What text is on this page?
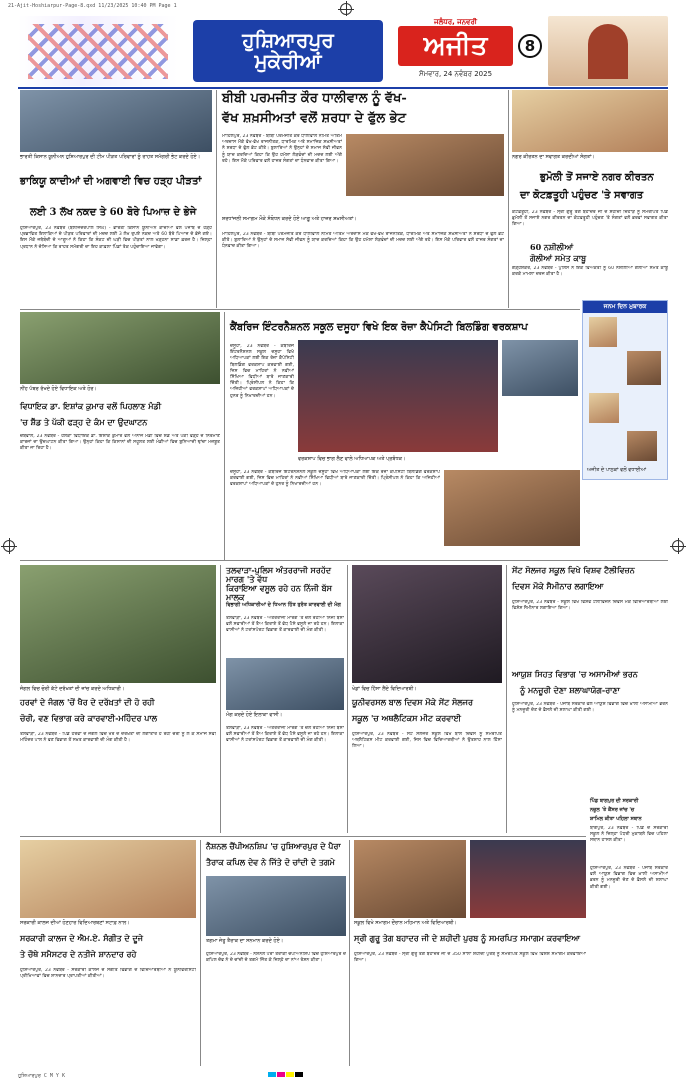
21-Ajit-Hoshiarpur-Page-8.qxd 11/23/2025 10:40 PM Page 1
ਹੁਸ਼ਿਆਰਪੁਰ
ਮੁਕੇਰੀਆਂ
ਜਲੰਧਰ, ਜਨਵਰੀ
ਅਜੀਤ
ਸੋਮਵਾਰ, 24 ਨਵੰਬਰ 2025
8
ਭਾਰਤੀ ਕਿਸਾਨ ਯੂਨੀਅਨ ਹੁਸ਼ਿਆਰਪੁਰ ਦੀ ਟੀਮ ਪੀੜਤ ਪਰਿਵਾਰਾਂ ਨੂੰ ਰਾਹਤ ਸਮੱਗਰੀ ਭੇਟ ਕਰਦੇ ਹੋਏ।
ਭਾਕਿਯੂ ਕਾਦੀਆਂ ਦੀ ਅਗਵਾਈ ਵਿਚ ਹੜ੍ਹ ਪੀੜਤਾਂ
ਲਈ 3 ਲੱਖ ਨਕਦ ਤੇ 60 ਬੋਰੇ ਪਿਆਜ਼ ਦੇ ਭੇਜੇ
ਹੁਸ਼ਿਆਰਪੁਰ, 23 ਨਵੰਬਰ (ਬਲਜਿੰਦਰਪਾਲ ਸਿੰਘ) - ਭਾਰਤੀ ਕਿਸਾਨ ਯੂਨੀਅਨ ਕਾਦੀਆਂ ਵਲੋਂ ਪੰਜਾਬ ਦੇ ਹੜ੍ਹ ਪ੍ਰਭਾਵਿਤ ਇਲਾਕਿਆਂ ਦੇ ਪੀੜਤ ਪਰਿਵਾਰਾਂ ਦੀ ਮਦਦ ਲਈ 3 ਲੱਖ ਰੁਪਏ ਨਕਦ ਅਤੇ 60 ਬੋਰੇ ਪਿਆਜ਼ ਦੇ ਭੇਜੇ ਗਏ। ਇਸ ਮੌਕੇ ਜਥੇਬੰਦੀ ਦੇ ਆਗੂਆਂ ਨੇ ਕਿਹਾ ਕਿ ਸੰਕਟ ਦੀ ਘੜੀ ਵਿਚ ਪੀੜਤਾਂ ਨਾਲ ਖੜ੍ਹਨਾ ਸਾਡਾ ਫ਼ਰਜ਼ ਹੈ। ਜ਼ਿਲ੍ਹਾ ਪ੍ਰਧਾਨ ਨੇ ਦੱਸਿਆ ਕਿ ਰਾਹਤ ਸਮੱਗਰੀ ਦਾ ਇਹ ਕਾਫ਼ਲਾ ਪਿੰਡਾਂ ਤੱਕ ਪਹੁੰਚਾਇਆ ਜਾਵੇਗਾ।
ਬੀਬੀ ਪਰਮਜੀਤ ਕੌਰ ਧਾਲੀਵਾਲ ਨੂੰ ਵੱਖ-
ਵੱਖ ਸ਼ਖ਼ਸੀਅਤਾਂ ਵਲੋਂ ਸ਼ਰਧਾ ਦੇ ਫੁੱਲ ਭੇਟ
ਮਾਹਿਲਪੁਰ, 23 ਨਵੰਬਰ - ਬੀਬੀ ਪਰਮਜੀਤ ਕੌਰ ਧਾਲੀਵਾਲ ਨਮਿੱਤ ਅੰਤਿਮ ਅਰਦਾਸ ਮੌਕੇ ਵੱਖ-ਵੱਖ ਰਾਜਨੀਤਕ, ਧਾਰਮਿਕ ਅਤੇ ਸਮਾਜਿਕ ਸ਼ਖ਼ਸੀਅਤਾਂ ਨੇ ਸ਼ਰਧਾ ਦੇ ਫੁੱਲ ਭੇਟ ਕੀਤੇ। ਬੁਲਾਰਿਆਂ ਨੇ ਉਨ੍ਹਾਂ ਦੇ ਸਮਾਜ ਸੇਵੀ ਜੀਵਨ ਨੂੰ ਯਾਦ ਕਰਦਿਆਂ ਕਿਹਾ ਕਿ ਉਹ ਹਮੇਸ਼ਾ ਲੋੜਵੰਦਾਂ ਦੀ ਮਦਦ ਲਈ ਅੱਗੇ ਰਹੇ। ਇਸ ਮੌਕੇ ਪਰਿਵਾਰ ਵਲੋਂ ਹਾਜ਼ਰ ਸੰਗਤਾਂ ਦਾ ਧੰਨਵਾਦ ਕੀਤਾ ਗਿਆ।
ਸ਼ਰਧਾਂਜਲੀ ਸਮਾਗਮ ਮੌਕੇ ਸੰਬੋਧਨ ਕਰਦੇ ਹੋਏ ਆਗੂ ਅਤੇ ਹਾਜ਼ਰ ਸ਼ਖ਼ਸੀਅਤਾਂ।
ਮਾਹਿਲਪੁਰ, 23 ਨਵੰਬਰ - ਬੀਬੀ ਪਰਮਜੀਤ ਕੌਰ ਧਾਲੀਵਾਲ ਨਮਿੱਤ ਅੰਤਿਮ ਅਰਦਾਸ ਮੌਕੇ ਵੱਖ-ਵੱਖ ਰਾਜਨੀਤਕ, ਧਾਰਮਿਕ ਅਤੇ ਸਮਾਜਿਕ ਸ਼ਖ਼ਸੀਅਤਾਂ ਨੇ ਸ਼ਰਧਾ ਦੇ ਫੁੱਲ ਭੇਟ ਕੀਤੇ। ਬੁਲਾਰਿਆਂ ਨੇ ਉਨ੍ਹਾਂ ਦੇ ਸਮਾਜ ਸੇਵੀ ਜੀਵਨ ਨੂੰ ਯਾਦ ਕਰਦਿਆਂ ਕਿਹਾ ਕਿ ਉਹ ਹਮੇਸ਼ਾ ਲੋੜਵੰਦਾਂ ਦੀ ਮਦਦ ਲਈ ਅੱਗੇ ਰਹੇ। ਇਸ ਮੌਕੇ ਪਰਿਵਾਰ ਵਲੋਂ ਹਾਜ਼ਰ ਸੰਗਤਾਂ ਦਾ ਧੰਨਵਾਦ ਕੀਤਾ ਗਿਆ।
ਨਗਰ ਕੀਰਤਨ ਦਾ ਸਵਾਗਤ ਕਰਦੀਆਂ ਸੰਗਤਾਂ।
ਭੁਮੋਲੀ ਤੋਂ ਸਜਾਏ ਨਗਰ ਕੀਰਤਨ
ਦਾ ਕੋਟਫ਼ਤੂਹੀ ਪਹੁੰਚਣ 'ਤੇ ਸਵਾਗਤ
ਕੋਟਫ਼ਤੂਹੀ, 23 ਨਵੰਬਰ - ਸ੍ਰੀ ਗੁਰੂ ਤੇਗ ਬਹਾਦਰ ਜੀ ਦੇ ਸ਼ਹੀਦੀ ਦਿਹਾੜੇ ਨੂੰ ਸਮਰਪਿਤ ਪਿੰਡ ਭੁਮੋਲੀ ਤੋਂ ਸਜਾਏ ਨਗਰ ਕੀਰਤਨ ਦਾ ਕੋਟਫ਼ਤੂਹੀ ਪਹੁੰਚਣ 'ਤੇ ਸੰਗਤਾਂ ਵਲੋਂ ਭਰਵਾਂ ਸਵਾਗਤ ਕੀਤਾ ਗਿਆ।
60 ਨਸ਼ੀਲੀਆਂ
ਗੋਲੀਆਂ ਸਮੇਤ ਕਾਬੂ
ਗੜ੍ਹਸ਼ੰਕਰ, 23 ਨਵੰਬਰ - ਪੁਲਿਸ ਨੇ ਇਕ ਵਿਅਕਤੀ ਨੂੰ 60 ਨਸ਼ੀਲੀਆਂ ਗੋਲੀਆਂ ਸਮੇਤ ਕਾਬੂ ਕਰਕੇ ਮਾਮਲਾ ਦਰਜ ਕੀਤਾ ਹੈ।
ਜਨਮ ਦਿਨ ਮੁਬਾਰਕ
ਅਜੀਤ ਦੇ ਪਾਠਕਾਂ ਵਲੋਂ ਵਧਾਈਆਂ
ਨੀਂਹ ਪੱਥਰ ਰੱਖਦੇ ਹੋਏ ਵਿਧਾਇਕ ਅਤੇ ਹੋਰ।
ਵਿਧਾਇਕ ਡਾ. ਇਸ਼ਾਂਕ ਕੁਮਾਰ ਵਲੋਂ ਪਿਹਲਾਣ ਮੰਡੀ
'ਚ ਸ਼ੈੱਡ ਤੇ ਪੱਕੀ ਫੜ੍ਹ ਦੇ ਕੰਮ ਦਾ ਉਦਘਾਟਨ
ਚੱਬੇਵਾਲ, 23 ਨਵੰਬਰ - ਹਲਕਾ ਵਿਧਾਇਕ ਡਾ. ਇਸ਼ਾਂਕ ਕੁਮਾਰ ਵਲੋਂ ਅਨਾਜ ਮੰਡੀ ਵਿਚ ਸ਼ੈੱਡ ਅਤੇ ਪੱਕੀ ਫੜ੍ਹ ਦੇ ਨਿਰਮਾਣ ਕਾਰਜਾਂ ਦਾ ਉਦਘਾਟਨ ਕੀਤਾ ਗਿਆ। ਉਨ੍ਹਾਂ ਕਿਹਾ ਕਿ ਕਿਸਾਨਾਂ ਦੀ ਸਹੂਲਤ ਲਈ ਮੰਡੀਆਂ ਵਿਚ ਬੁਨਿਆਦੀ ਢਾਂਚਾ ਮਜ਼ਬੂਤ ਕੀਤਾ ਜਾ ਰਿਹਾ ਹੈ।
ਕੈਂਬਰਿਜ ਇੰਟਰਨੈਸ਼ਨਲ ਸਕੂਲ ਦਸੂਹਾ ਵਿਖੇ ਇਕ ਰੋਜ਼ਾ ਕੈਪੇਸਿਟੀ ਬਿਲਡਿੰਗ ਵਰਕਸ਼ਾਪ
ਦਸੂਹਾ, 23 ਨਵੰਬਰ - ਕੈਂਬਰਿਜ ਇੰਟਰਨੈਸ਼ਨਲ ਸਕੂਲ ਦਸੂਹਾ ਵਿਖੇ ਅਧਿਆਪਕਾਂ ਲਈ ਇਕ ਰੋਜ਼ਾ ਕੈਪੇਸਿਟੀ ਬਿਲਡਿੰਗ ਵਰਕਸ਼ਾਪ ਕਰਵਾਈ ਗਈ, ਜਿਸ ਵਿਚ ਮਾਹਿਰਾਂ ਨੇ ਨਵੀਆਂ ਸਿੱਖਿਆ ਵਿਧੀਆਂ ਬਾਰੇ ਜਾਣਕਾਰੀ ਦਿੱਤੀ। ਪ੍ਰਿੰਸੀਪਲ ਨੇ ਕਿਹਾ ਕਿ ਅਜਿਹੀਆਂ ਵਰਕਸ਼ਾਪਾਂ ਅਧਿਆਪਕਾਂ ਦੇ ਹੁਨਰ ਨੂੰ ਨਿਖਾਰਦੀਆਂ ਹਨ।
ਵਰਕਸ਼ਾਪ ਵਿਚ ਭਾਗ ਲੈਣ ਵਾਲੇ ਅਧਿਆਪਕ ਅਤੇ ਪ੍ਰਬੰਧਕ।
ਦਸੂਹਾ, 23 ਨਵੰਬਰ - ਕੈਂਬਰਿਜ ਇੰਟਰਨੈਸ਼ਨਲ ਸਕੂਲ ਦਸੂਹਾ ਵਿਖੇ ਅਧਿਆਪਕਾਂ ਲਈ ਇਕ ਰੋਜ਼ਾ ਕੈਪੇਸਿਟੀ ਬਿਲਡਿੰਗ ਵਰਕਸ਼ਾਪ ਕਰਵਾਈ ਗਈ, ਜਿਸ ਵਿਚ ਮਾਹਿਰਾਂ ਨੇ ਨਵੀਆਂ ਸਿੱਖਿਆ ਵਿਧੀਆਂ ਬਾਰੇ ਜਾਣਕਾਰੀ ਦਿੱਤੀ। ਪ੍ਰਿੰਸੀਪਲ ਨੇ ਕਿਹਾ ਕਿ ਅਜਿਹੀਆਂ ਵਰਕਸ਼ਾਪਾਂ ਅਧਿਆਪਕਾਂ ਦੇ ਹੁਨਰ ਨੂੰ ਨਿਖਾਰਦੀਆਂ ਹਨ।
ਜੰਗਲ ਵਿਚ ਚੋਰੀ ਕੱਟੇ ਦਰੱਖ਼ਤਾਂ ਦੀ ਜਾਂਚ ਕਰਦੇ ਅਧਿਕਾਰੀ।
ਹਰਵਾਂ ਦੇ ਜੰਗਲ 'ਚੋਂ ਖੈਰ ਦੇ ਦਰੱਖ਼ਤਾਂ ਦੀ ਹੋ ਰਹੀ
ਚੋਰੀ, ਵਣ ਵਿਭਾਗ ਕਰੇ ਕਾਰਵਾਈ-ਮਹਿੰਦਰ ਪਾਲ
ਤਲਵਾੜਾ, 23 ਨਵੰਬਰ - ਪਿੰਡ ਹਰਵਾਂ ਦੇ ਜੰਗਲ ਵਿਚੋਂ ਖੈਰ ਦੇ ਦਰੱਖ਼ਤਾਂ ਦੀ ਲਗਾਤਾਰ ਹੋ ਰਹੀ ਚੋਰੀ ਨੂੰ ਲੈ ਕੇ ਸਮਾਜ ਸੇਵੀ ਮਹਿੰਦਰ ਪਾਲ ਨੇ ਵਣ ਵਿਭਾਗ ਤੋਂ ਸਖ਼ਤ ਕਾਰਵਾਈ ਦੀ ਮੰਗ ਕੀਤੀ ਹੈ।
ਤਲਵਾੜਾ-ਪੁਲਿਸ ਅੰਤਰਰਾਜੀ ਸਰਹੱਦ ਮਾਰਗ 'ਤੇ ਵੱਧ
ਕਿਰਾਇਆ ਵਸੂਲ ਰਹੇ ਹਨ ਨਿੱਜੀ ਬੱਸ ਮਾਲਕ
ਵਿਭਾਗੀ ਅਧਿਕਾਰੀਆਂ ਦੇ ਧਿਆਨ ਹਿੱਤ ਤੁਰੰਤ ਕਾਰਵਾਈ ਦੀ ਮੰਗ
ਤਲਵਾੜਾ, 23 ਨਵੰਬਰ - ਅੰਤਰਰਾਜੀ ਮਾਰਗ 'ਤੇ ਚੱਲ ਰਹੀਆਂ ਨਿੱਜੀ ਬੱਸਾਂ ਵਲੋਂ ਸਵਾਰੀਆਂ ਤੋਂ ਤੈਅ ਕਿਰਾਏ ਤੋਂ ਵੱਧ ਪੈਸੇ ਵਸੂਲੇ ਜਾ ਰਹੇ ਹਨ। ਇਲਾਕਾ ਵਾਸੀਆਂ ਨੇ ਟਰਾਂਸਪੋਰਟ ਵਿਭਾਗ ਤੋਂ ਕਾਰਵਾਈ ਦੀ ਮੰਗ ਕੀਤੀ।
ਮੰਗ ਕਰਦੇ ਹੋਏ ਇਲਾਕਾ ਵਾਸੀ।
ਤਲਵਾੜਾ, 23 ਨਵੰਬਰ - ਅੰਤਰਰਾਜੀ ਮਾਰਗ 'ਤੇ ਚੱਲ ਰਹੀਆਂ ਨਿੱਜੀ ਬੱਸਾਂ ਵਲੋਂ ਸਵਾਰੀਆਂ ਤੋਂ ਤੈਅ ਕਿਰਾਏ ਤੋਂ ਵੱਧ ਪੈਸੇ ਵਸੂਲੇ ਜਾ ਰਹੇ ਹਨ। ਇਲਾਕਾ ਵਾਸੀਆਂ ਨੇ ਟਰਾਂਸਪੋਰਟ ਵਿਭਾਗ ਤੋਂ ਕਾਰਵਾਈ ਦੀ ਮੰਗ ਕੀਤੀ।
ਖੇਡਾਂ ਵਿਚ ਹਿੱਸਾ ਲੈਂਦੇ ਵਿਦਿਆਰਥੀ।
ਯੂਨੀਵਰਸਲ ਬਾਲ ਦਿਵਸ ਮੌਕੇ ਸੇਂਟ ਸੋਲਜਰ
ਸਕੂਲ 'ਚ ਅਥਲੈਟਿਕਸ ਮੀਟ ਕਰਵਾਈ
ਹੁਸ਼ਿਆਰਪੁਰ, 23 ਨਵੰਬਰ - ਸੇਂਟ ਸੋਲਜਰ ਸਕੂਲ ਵਿਖੇ ਬਾਲ ਦਿਵਸ ਨੂੰ ਸਮਰਪਿਤ ਅਥਲੈਟਿਕਸ ਮੀਟ ਕਰਵਾਈ ਗਈ, ਜਿਸ ਵਿਚ ਵਿਦਿਆਰਥੀਆਂ ਨੇ ਉਤਸ਼ਾਹ ਨਾਲ ਹਿੱਸਾ ਲਿਆ।
ਸੇਂਟ ਸੋਲਜਰ ਸਕੂਲ ਵਿਖੇ ਵਿਸ਼ਵ ਟੈਲੀਵਿਜ਼ਨ
ਦਿਵਸ ਮੌਕੇ ਸੈਮੀਨਾਰ ਲਗਾਇਆ
ਹੁਸ਼ਿਆਰਪੁਰ, 23 ਨਵੰਬਰ - ਸਕੂਲ ਵਿਖੇ ਵਿਸ਼ਵ ਟੈਲੀਵਿਜ਼ਨ ਦਿਵਸ ਮੌਕੇ ਵਿਦਿਆਰਥੀਆਂ ਲਈ ਵਿਸ਼ੇਸ਼ ਸੈਮੀਨਾਰ ਲਗਾਇਆ ਗਿਆ।
ਆਯੁਸ਼ ਸਿਹਤ ਵਿਭਾਗ 'ਚ ਅਸਾਮੀਆਂ ਭਰਨ
ਨੂੰ ਮਨਜ਼ੂਰੀ ਦੇਣਾ ਸ਼ਲਾਘਾਯੋਗ-ਰਾਣਾ
ਹੁਸ਼ਿਆਰਪੁਰ, 23 ਨਵੰਬਰ - ਪੰਜਾਬ ਸਰਕਾਰ ਵਲੋਂ ਆਯੁਸ਼ ਵਿਭਾਗ ਵਿਚ ਖ਼ਾਲੀ ਅਸਾਮੀਆਂ ਭਰਨ ਨੂੰ ਮਨਜ਼ੂਰੀ ਦੇਣ ਦੇ ਫ਼ੈਸਲੇ ਦੀ ਸ਼ਲਾਘਾ ਕੀਤੀ ਗਈ।
ਪਿੰਡ ਬਾਗਪੁਰ ਦੀ ਸਰਕਾਰੀ
ਨਜ਼ੂਲ 'ਤੇ ਕੈਂਸਰ ਜਾਂਚ 'ਚ
ਸ਼ਾਮਿਲ ਕੀਤਾ ਪਹਿਲਾ ਸਥਾਨ
ਬਾਗਪੁਰ, 23 ਨਵੰਬਰ - ਪਿੰਡ ਦੇ ਸਰਕਾਰੀ ਸਕੂਲ ਨੇ ਜ਼ਿਲ੍ਹਾ ਪੱਧਰੀ ਮੁਕਾਬਲੇ ਵਿਚ ਪਹਿਲਾ ਸਥਾਨ ਹਾਸਲ ਕੀਤਾ।
ਸਰਕਾਰੀ ਕਾਲਜ ਦੀਆਂ ਹੋਣਹਾਰ ਵਿਦਿਆਰਥਣਾਂ ਸਟਾਫ਼ ਨਾਲ।
ਸਰਕਾਰੀ ਕਾਲਜ ਦੇ ਐਮ.ਏ. ਸੰਗੀਤ ਦੇ ਦੂਜੇ
ਤੇ ਚੌਥੇ ਸਮੈਸਟਰ ਦੇ ਨਤੀਜੇ ਸ਼ਾਨਦਾਰ ਰਹੇ
ਹੁਸ਼ਿਆਰਪੁਰ, 23 ਨਵੰਬਰ - ਸਰਕਾਰੀ ਕਾਲਜ ਦੇ ਸੰਗੀਤ ਵਿਭਾਗ ਦੇ ਵਿਦਿਆਰਥੀਆਂ ਨੇ ਯੂਨੀਵਰਸਿਟੀ ਪ੍ਰੀਖਿਆਵਾਂ ਵਿਚ ਸ਼ਾਨਦਾਰ ਪ੍ਰਾਪਤੀਆਂ ਕੀਤੀਆਂ।
ਨੈਸ਼ਨਲ ਚੈਂਪੀਅਨਸ਼ਿਪ 'ਚ ਹੁਸ਼ਿਆਰਪੁਰ ਦੇ ਪੈਰਾ
ਤੈਰਾਕ ਕਪਿਲ ਦੇਵ ਨੇ ਜਿੱਤੇ ਦੋ ਚਾਂਦੀ ਦੇ ਤਗਮੇ
ਤਗਮਾ ਜੇਤੂ ਤੈਰਾਕ ਦਾ ਸਨਮਾਨ ਕਰਦੇ ਹੋਏ।
ਹੁਸ਼ਿਆਰਪੁਰ, 23 ਨਵੰਬਰ - ਨੈਸ਼ਨਲ ਪੈਰਾ ਤੈਰਾਕੀ ਚੈਂਪੀਅਨਸ਼ਿਪ ਵਿਚ ਹੁਸ਼ਿਆਰਪੁਰ ਦੇ ਕਪਿਲ ਦੇਵ ਨੇ ਦੋ ਚਾਂਦੀ ਦੇ ਤਗਮੇ ਜਿੱਤ ਕੇ ਜ਼ਿਲ੍ਹੇ ਦਾ ਨਾਂਅ ਰੋਸ਼ਨ ਕੀਤਾ।
ਸਕੂਲ ਵਿਖੇ ਸਮਾਗਮ ਦੌਰਾਨ ਮਹਿਮਾਨ ਅਤੇ ਵਿਦਿਆਰਥੀ।
ਸ੍ਰੀ ਗੁਰੂ ਤੇਗ ਬਹਾਦਰ ਜੀ ਦੇ ਸ਼ਹੀਦੀ ਪੁਰਬ ਨੂੰ ਸਮਰਪਿਤ ਸਮਾਗਮ ਕਰਵਾਇਆ
ਹੁਸ਼ਿਆਰਪੁਰ, 23 ਨਵੰਬਰ - ਸ੍ਰੀ ਗੁਰੂ ਤੇਗ ਬਹਾਦਰ ਜੀ ਦੇ 350 ਸਾਲਾ ਸ਼ਹੀਦੀ ਪੁਰਬ ਨੂੰ ਸਮਰਪਿਤ ਸਕੂਲ ਵਿਖੇ ਵਿਸ਼ੇਸ਼ ਸਮਾਗਮ ਕਰਵਾਇਆ ਗਿਆ।
ਹੁਸ਼ਿਆਰਪੁਰ, 23 ਨਵੰਬਰ - ਪੰਜਾਬ ਸਰਕਾਰ ਵਲੋਂ ਆਯੁਸ਼ ਵਿਭਾਗ ਵਿਚ ਖ਼ਾਲੀ ਅਸਾਮੀਆਂ ਭਰਨ ਨੂੰ ਮਨਜ਼ੂਰੀ ਦੇਣ ਦੇ ਫ਼ੈਸਲੇ ਦੀ ਸ਼ਲਾਘਾ ਕੀਤੀ ਗਈ।
ਹੁਸ਼ਿਆਰਪੁਰ C M Y K
